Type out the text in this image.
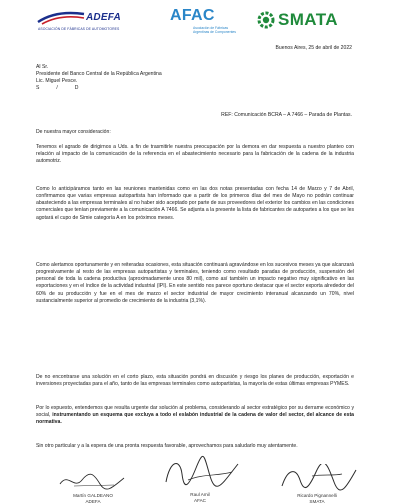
ADEFA
ASOCIACIÓN DE FÁBRICAS DE AUTOMOTORES
AFAC
Asociación de Fábricas Argentinas de Componentes
SMATA
Buenos Aires, 25 de abril de 2022
Al Sr.
Presidente del Banco Central de la República Argentina
Lic. Miguel Pesce.
S            /            D
REF: Comunicación BCRA – A 7466 – Parada de Plantas.
De nuestra mayor consideración:
Tenemos el agrado de dirigirnos a Uds. a fin de trasmitirle nuestra preocupación por la demora en dar respuesta a nuestro planteo con relación al impacto de la comunicación de la referencia en el abastecimiento necesario para la fabricación de la cadena de la industria automotriz.
Como lo anticipáramos tanto en las reuniones mantenidas como en las dos notas presentadas con fecha 14 de Marzo y 7 de Abril, confirmamos que varias empresas autopartista han informado que a partir de los primeros días del mes de Mayo no podrán continuar abasteciendo a las empresas terminales al no haber sido aceptado por parte de sus proveedores del exterior los cambios en las condiciones comerciales que tenían previamente a la comunicación A 7466. Se adjunta a la presente la lista de fabricantes de autopartes a los que se les agotará el cupo de Simie categoría A en los próximos meses.
Como alertamos oportunamente y en reiteradas ocasiones, esta situación continuará agravándose en los sucesivos meses ya que alcanzará progresivamente al resto de las empresas autopartistas y terminales, teniendo como resultado paradas de producción, suspensión del personal de toda la cadena productiva (aproximadamente unos 80 mil), como así también un impacto negativo muy significativo en las exportaciones y en el índice de la actividad industrial (IPI). En este sentido nos parece oportuno destacar que el sector exporta alrededor del 60% de su producción y fue en el mes de marzo el sector industrial de mayor crecimiento interanual alcanzando un 70%, nivel sustancialmente superior al promedio de crecimiento de la industria (3,1%).
De no encontrarse una solución en el corto plazo, esta situación pondrá en discusión y riesgo los planes de producción, exportación e inversiones proyectadas para el año, tanto de las empresas terminales como autopartistas, la mayoría de estas últimas empresas PYMES.
Por lo expuesto, entendemos que resulta urgente dar solución al problema, considerando al sector estratégico por su derrame económico y social, instrumentando un esquema que excluya a todo el eslabón industrial de la cadena de valor del sector, del alcance de esta normativa.
Sin otro particular y a la espera de una pronta respuesta favorable, aprovechamos para saludarlo muy atentamente.
Martín GALDEANO
ADEFA
Raul Amil
AFAC
Ricardo Pignannelli
SMATA
